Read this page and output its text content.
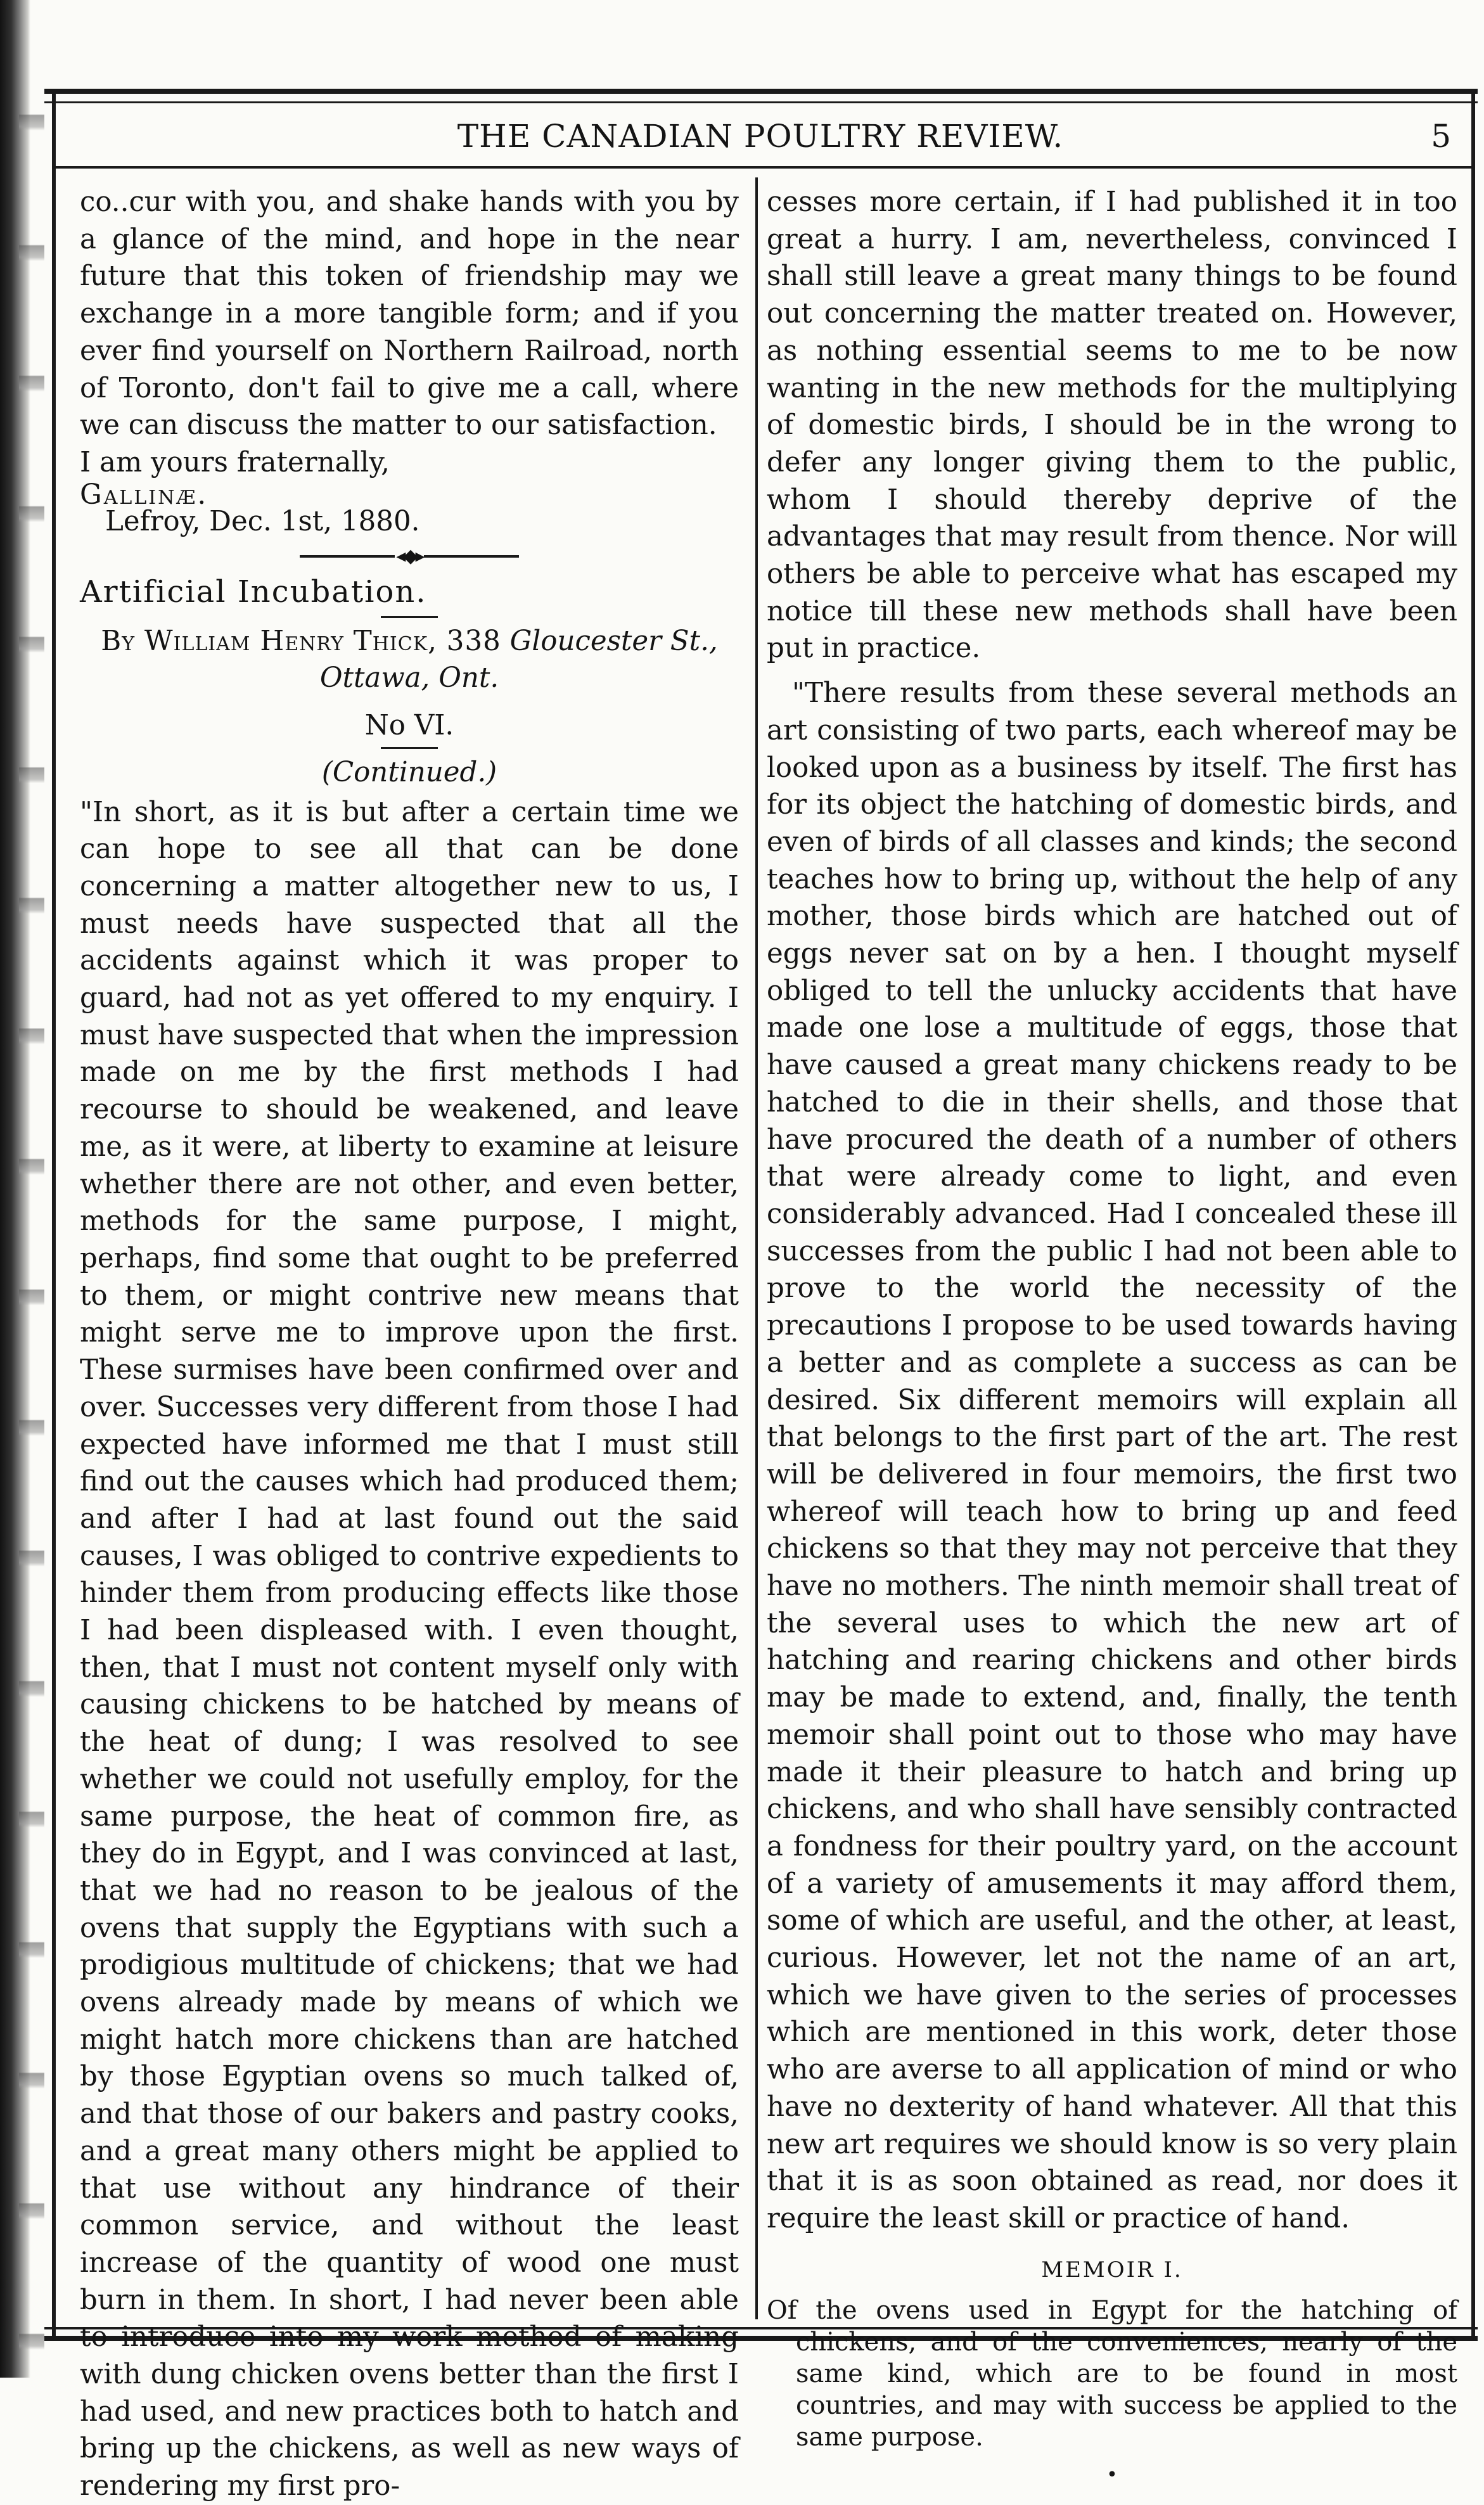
THE CANADIAN POULTRY REVIEW.	5

co..cur with you, and shake hands with you by a glance of the mind, and hope in the near future that this token of friendship may we exchange in a more tangible form; and if you ever find yourself on Northern Railroad, north of Toronto, don't fail to give me a call, where we can discuss the matter to our satisfaction.

I am yours fraternally,

Gallinæ.

Lefroy, Dec. 1st, 1880.

◂◆▸

Artificial Incubation.

By William Henry Thick, 338 Gloucester St., Ottawa, Ont.

No VI.

(Continued.)

"In short, as it is but after a certain time we can hope to see all that can be done concerning a matter altogether new to us, I must needs have suspected that all the accidents against which it was proper to guard, had not as yet offered to my enquiry. I must have suspected that when the impression made on me by the first methods I had recourse to should be weakened, and leave me, as it were, at liberty to examine at leisure whether there are not other, and even better, methods for the same purpose, I might, perhaps, find some that ought to be preferred to them, or might contrive new means that might serve me to improve upon the first. These surmises have been confirmed over and over. Successes very different from those I had expected have informed me that I must still find out the causes which had produced them; and after I had at last found out the said causes, I was obliged to contrive expedients to hinder them from producing effects like those I had been displeased with. I even thought, then, that I must not content myself only with causing chickens to be hatched by means of the heat of dung; I was resolved to see whether we could not usefully employ, for the same purpose, the heat of common fire, as they do in Egypt, and I was convinced at last, that we had no reason to be jealous of the ovens that supply the Egyptians with such a prodigious multitude of chickens; that we had ovens already made by means of which we might hatch more chickens than are hatched by those Egyptian ovens so much talked of, and that those of our bakers and pastry cooks, and a great many others might be applied to that use without any hindrance of their common service, and without the least increase of the quantity of wood one must burn in them. In short, I had never been able to introduce into my work method of making with dung chicken ovens better than the first I had used, and new practices both to hatch and bring up the chickens, as well as new ways of rendering my first pro-

cesses more certain, if I had published it in too great a hurry. I am, nevertheless, convinced I shall still leave a great many things to be found out concerning the matter treated on. However, as nothing essential seems to me to be now wanting in the new methods for the multiplying of domestic birds, I should be in the wrong to defer any longer giving them to the public, whom I should thereby deprive of the advantages that may result from thence. Nor will others be able to perceive what has escaped my notice till these new methods shall have been put in practice.

"There results from these several methods an art consisting of two parts, each whereof may be looked upon as a business by itself. The first has for its object the hatching of domestic birds, and even of birds of all classes and kinds; the second teaches how to bring up, without the help of any mother, those birds which are hatched out of eggs never sat on by a hen. I thought myself obliged to tell the unlucky accidents that have made one lose a multitude of eggs, those that have caused a great many chickens ready to be hatched to die in their shells, and those that have procured the death of a number of others that were already come to light, and even considerably advanced. Had I concealed these ill successes from the public I had not been able to prove to the world the necessity of the precautions I propose to be used towards having a better and as complete a success as can be desired. Six different memoirs will explain all that belongs to the first part of the art. The rest will be delivered in four memoirs, the first two whereof will teach how to bring up and feed chickens so that they may not perceive that they have no mothers. The ninth memoir shall treat of the several uses to which the new art of hatching and rearing chickens and other birds may be made to extend, and, finally, the tenth memoir shall point out to those who may have made it their pleasure to hatch and bring up chickens, and who shall have sensibly contracted a fondness for their poultry yard, on the account of a variety of amusements it may afford them, some of which are useful, and the other, at least, curious. However, let not the name of an art, which we have given to the series of processes which are mentioned in this work, deter those who are averse to all application of mind or who have no dexterity of hand whatever. All that this new art requires we should know is so very plain that it is as soon obtained as read, nor does it require the least skill or practice of hand.

MEMOIR I.

Of the ovens used in Egypt for the hatching of chickens, and of the conveniences, nearly of the same kind, which are to be found in most countries, and may with success be applied to the same purpose.

•
